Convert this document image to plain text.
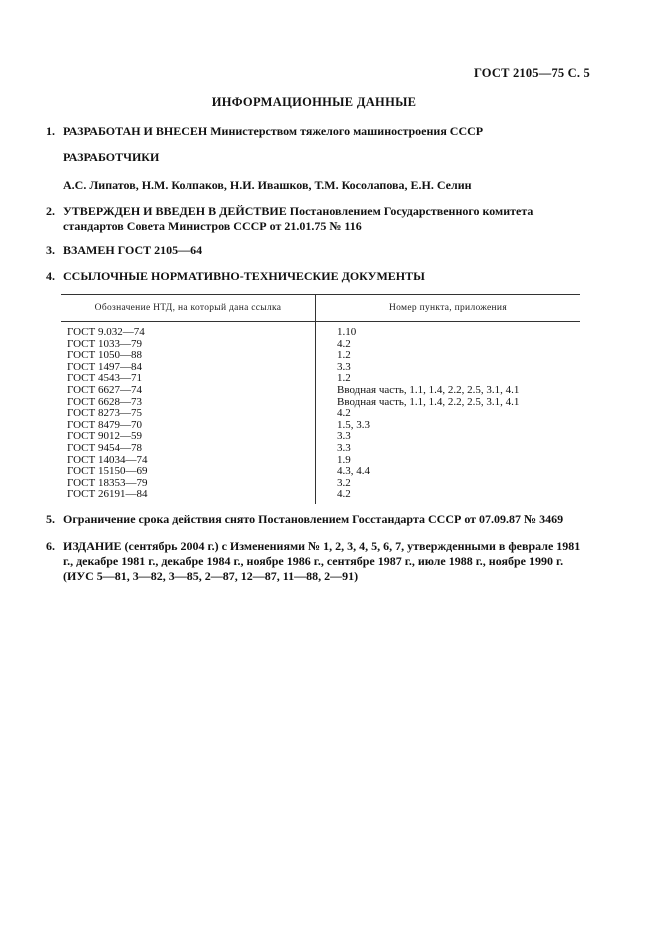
ГОСТ 2105—75 С. 5
ИНФОРМАЦИОННЫЕ ДАННЫЕ
1. РАЗРАБОТАН И ВНЕСЕН Министерством тяжелого машиностроения СССР
РАЗРАБОТЧИКИ
А.С. Липатов, Н.М. Колпаков, Н.И. Ивашков, Т.М. Косолапова, Е.Н. Селин
2. УТВЕРЖДЕН И ВВЕДЕН В ДЕЙСТВИЕ Постановлением Государственного комитета стандартов Совета Министров СССР от 21.01.75 № 116
3. ВЗАМЕН ГОСТ 2105—64
4. ССЫЛОЧНЫЕ НОРМАТИВНО-ТЕХНИЧЕСКИЕ ДОКУМЕНТЫ
Обозначение НТД, на который дана ссылка	Номер пункта, приложения
ГОСТ 9.032—74	1.10
ГОСТ 1033—79	4.2
ГОСТ 1050—88	1.2
ГОСТ 1497—84	3.3
ГОСТ 4543—71	1.2
ГОСТ 6627—74	Вводная часть, 1.1, 1.4, 2.2, 2.5, 3.1, 4.1
ГОСТ 6628—73	Вводная часть, 1.1, 1.4, 2.2, 2.5, 3.1, 4.1
ГОСТ 8273—75	4.2
ГОСТ 8479—70	1.5, 3.3
ГОСТ 9012—59	3.3
ГОСТ 9454—78	3.3
ГОСТ 14034—74	1.9
ГОСТ 15150—69	4.3, 4.4
ГОСТ 18353—79	3.2
ГОСТ 26191—84	4.2
5. Ограничение срока действия снято Постановлением Госстандарта СССР от 07.09.87 № 3469
6. ИЗДАНИЕ (сентябрь 2004 г.) с Изменениями № 1, 2, 3, 4, 5, 6, 7, утвержденными в феврале 1981 г., декабре 1981 г., декабре 1984 г., ноябре 1986 г., сентябре 1987 г., июле 1988 г., ноябре 1990 г. (ИУС 5—81, 3—82, 3—85, 2—87, 12—87, 11—88, 2—91)
